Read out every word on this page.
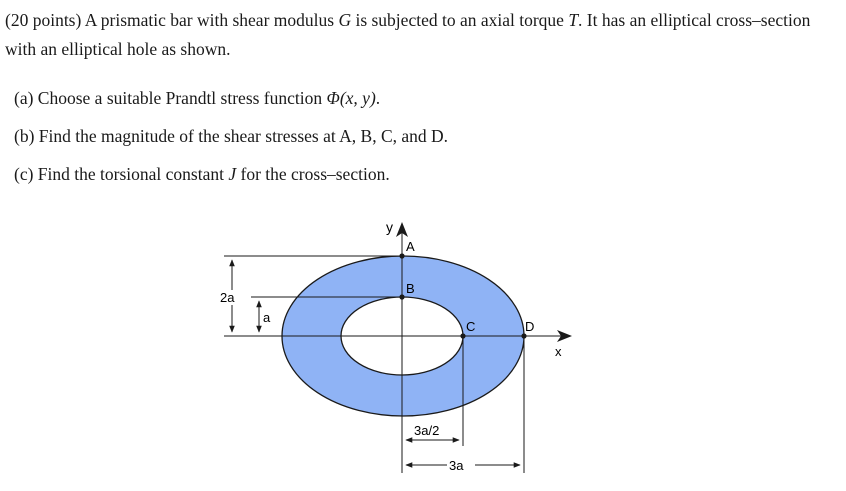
(20 points) A prismatic bar with shear modulus G is subjected to an axial torque T. It has an elliptical cross–section with an elliptical hole as shown.
(a) Choose a suitable Prandtl stress function Φ(x, y).
(b) Find the magnitude of the shear stresses at A, B, C, and D.
(c) Find the torsional constant J for the cross–section.
2a
a
3a/2
3a
y
x
A
B
C	D
